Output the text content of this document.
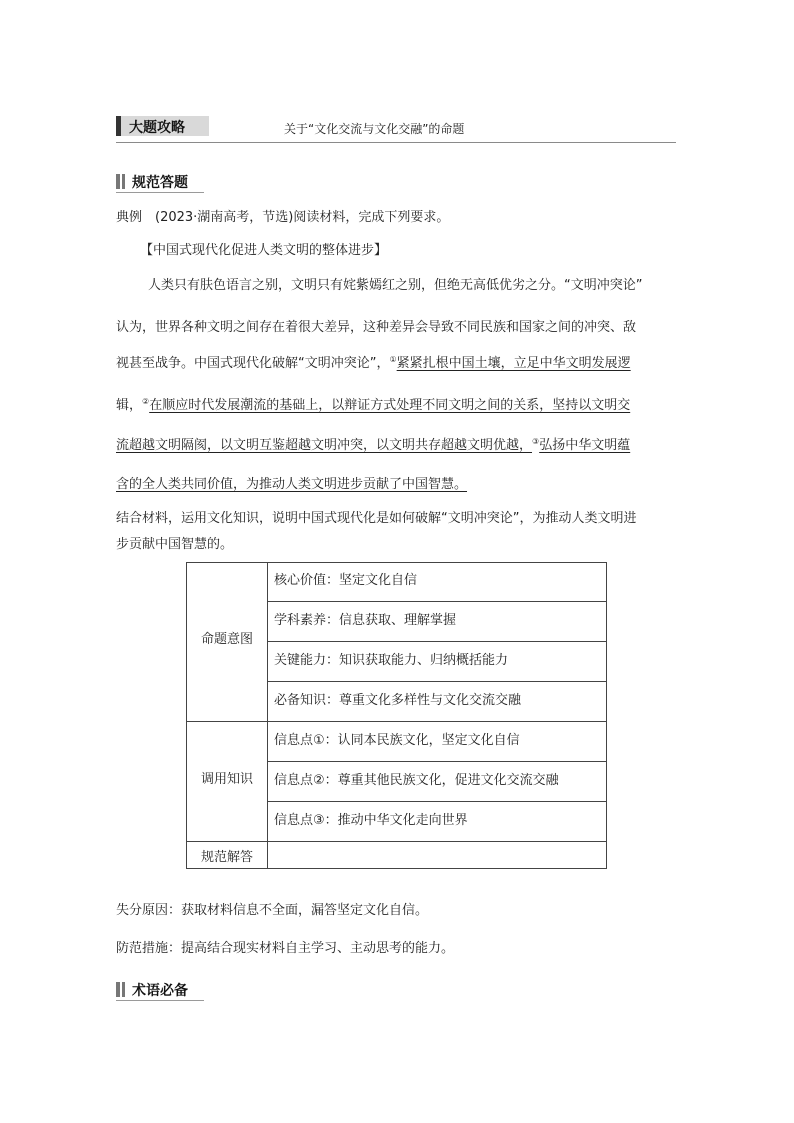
大题攻略	关于“文化交流与文化交融”的命题
规范答题
典例　(2023·湖南高考，节选)阅读材料，完成下列要求。
【中国式现代化促进人类文明的整体进步】
人类只有肤色语言之别，文明只有姹紫嫣红之别，但绝无高低优劣之分。“文明冲突论”
认为，世界各种文明之间存在着很大差异，这种差异会导致不同民族和国家之间的冲突、敌
视甚至战争。中国式现代化破解“文明冲突论”，①紧紧扎根中国土壤，立足中华文明发展逻
辑，②在顺应时代发展潮流的基础上，以辩证方式处理不同文明之间的关系，坚持以文明交
流超越文明隔阂，以文明互鉴超越文明冲突，以文明共存超越文明优越，③弘扬中华文明蕴
含的全人类共同价值，为推动人类文明进步贡献了中国智慧。
结合材料，运用文化知识，说明中国式现代化是如何破解“文明冲突论”，为推动人类文明进
步贡献中国智慧的。
命题意图
调用知识
规范解答
核心价值：坚定文化自信
学科素养：信息获取、理解掌握
关键能力：知识获取能力、归纳概括能力
必备知识：尊重文化多样性与文化交流交融
信息点①：认同本民族文化，坚定文化自信
信息点②：尊重其他民族文化，促进文化交流交融
信息点③：推动中华文化走向世界
失分原因：获取材料信息不全面，漏答坚定文化自信。
防范措施：提高结合现实材料自主学习、主动思考的能力。
术语必备
